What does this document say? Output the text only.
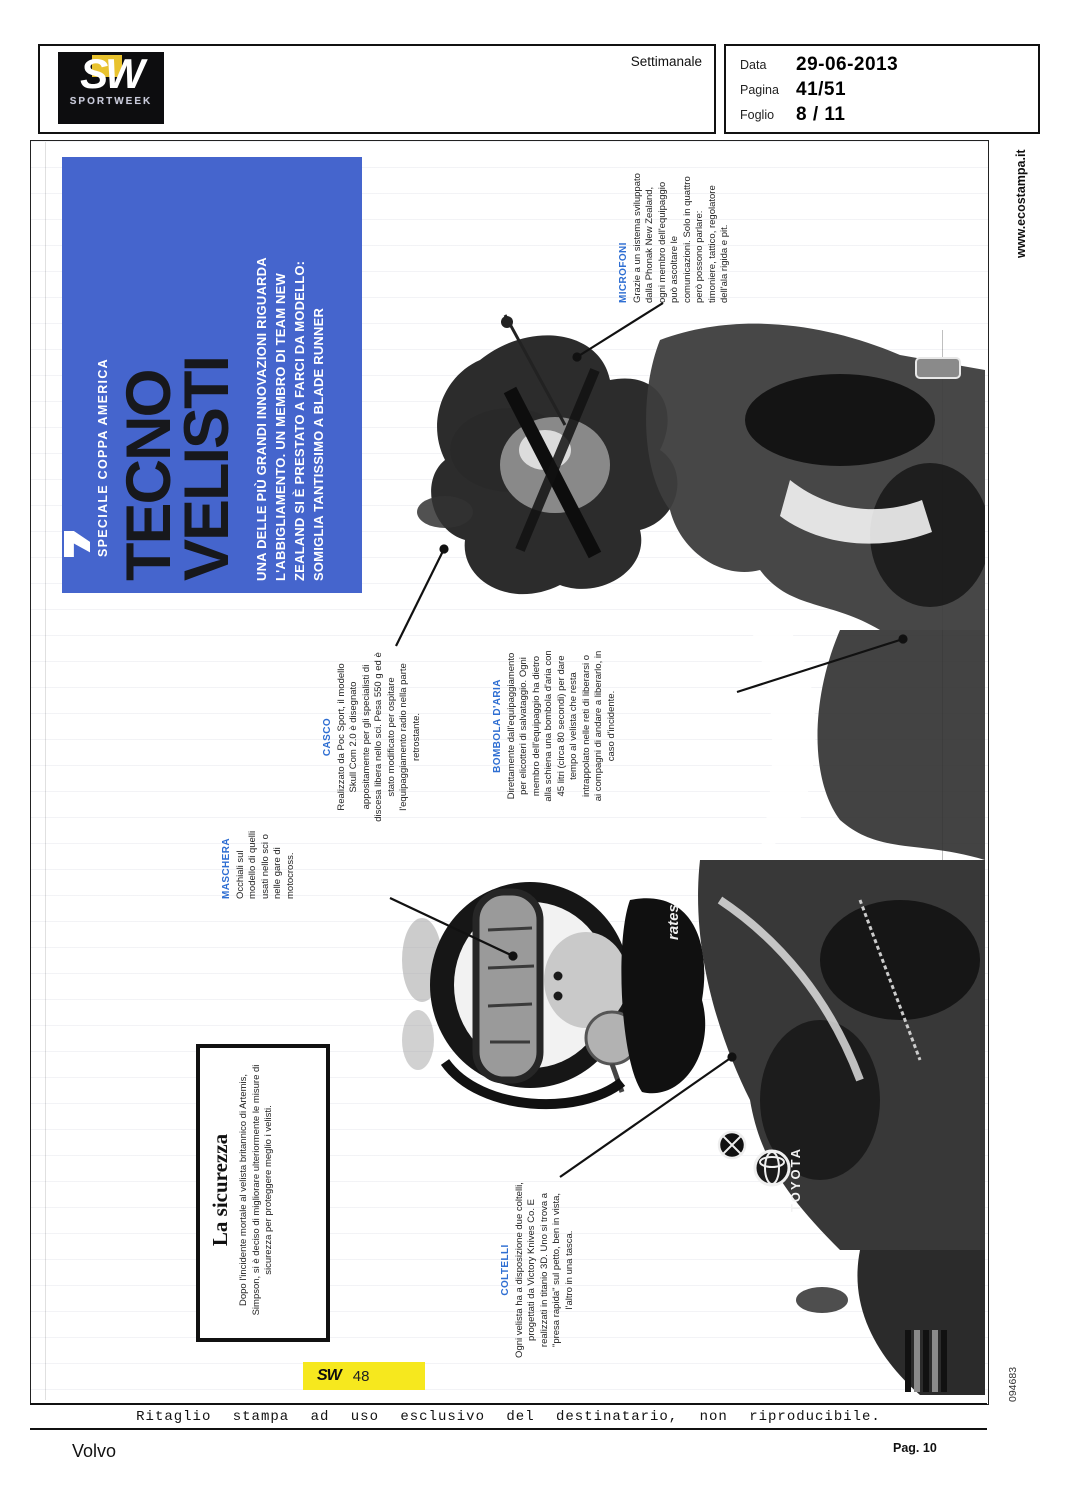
SW
SPORTWEEK
Settimanale	Data	29-06-2013
Pagina 41/51
Foglio	8 / 11
www.ecostampa.it
094683
rates
TOYOTA
SPECIALE COPPA AMERICA TECNO
VELISTI UNA DELLE PIÙ GRANDI INNOVAZIONI RIGUARDA L'ABBIGLIAMENTO. UN MEMBRO DI TEAM NEW ZEALAND SI È PRESTATO A FARCI DA MODELLO: SOMIGLIA TANTISSIMO A BLADE RUNNER
MICROFONI Grazie a un sistema sviluppato dalla Phonak New Zealand, ogni membro dell'equipaggio può ascoltare le comunicazioni. Solo in quattro però possono parlare: timoniere, tattico, regolatore dell'ala rigida e pit.
CASCO Realizzato da Poc Sport, il modello Skull Com 2.0 è disegnato appositamente per gli specialisti di discesa libera nello sci. Pesa 550 g ed è stato modificato per ospitare l'equipaggiamento radio nella parte retrostante.
MASCHERA Occhiali sul modello di quelli usati nello sci o nelle gare di motocross.
BOMBOLA D'ARIA Direttamente dall'equipaggiamento per elicotteri di salvataggio. Ogni membro dell'equipaggio ha dietro alla schiena una bombola d'aria con 45 litri (circa 80 secondi) per dare tempo al velista che resta intrappolato nelle reti di liberarsi o ai compagni di andare a liberarlo, in caso d'incidente.
COLTELLI Ogni velista ha a disposizione due coltelli, progettati da Victory Knives Co. E realizzati in titanio 3D. Uno si trova a "presa rapida" sul petto, ben in vista, l'altro in una tasca.
La sicurezza Dopo l'incidente mortale al velista britannico di Artemis, Simpson, si è deciso di migliorare ulteriormente le misure di sicurezza per proteggere meglio i velisti.
SW 48
Ritaglio stampa ad uso esclusivo del destinatario, non riproducibile.
Volvo	Pag. 10
